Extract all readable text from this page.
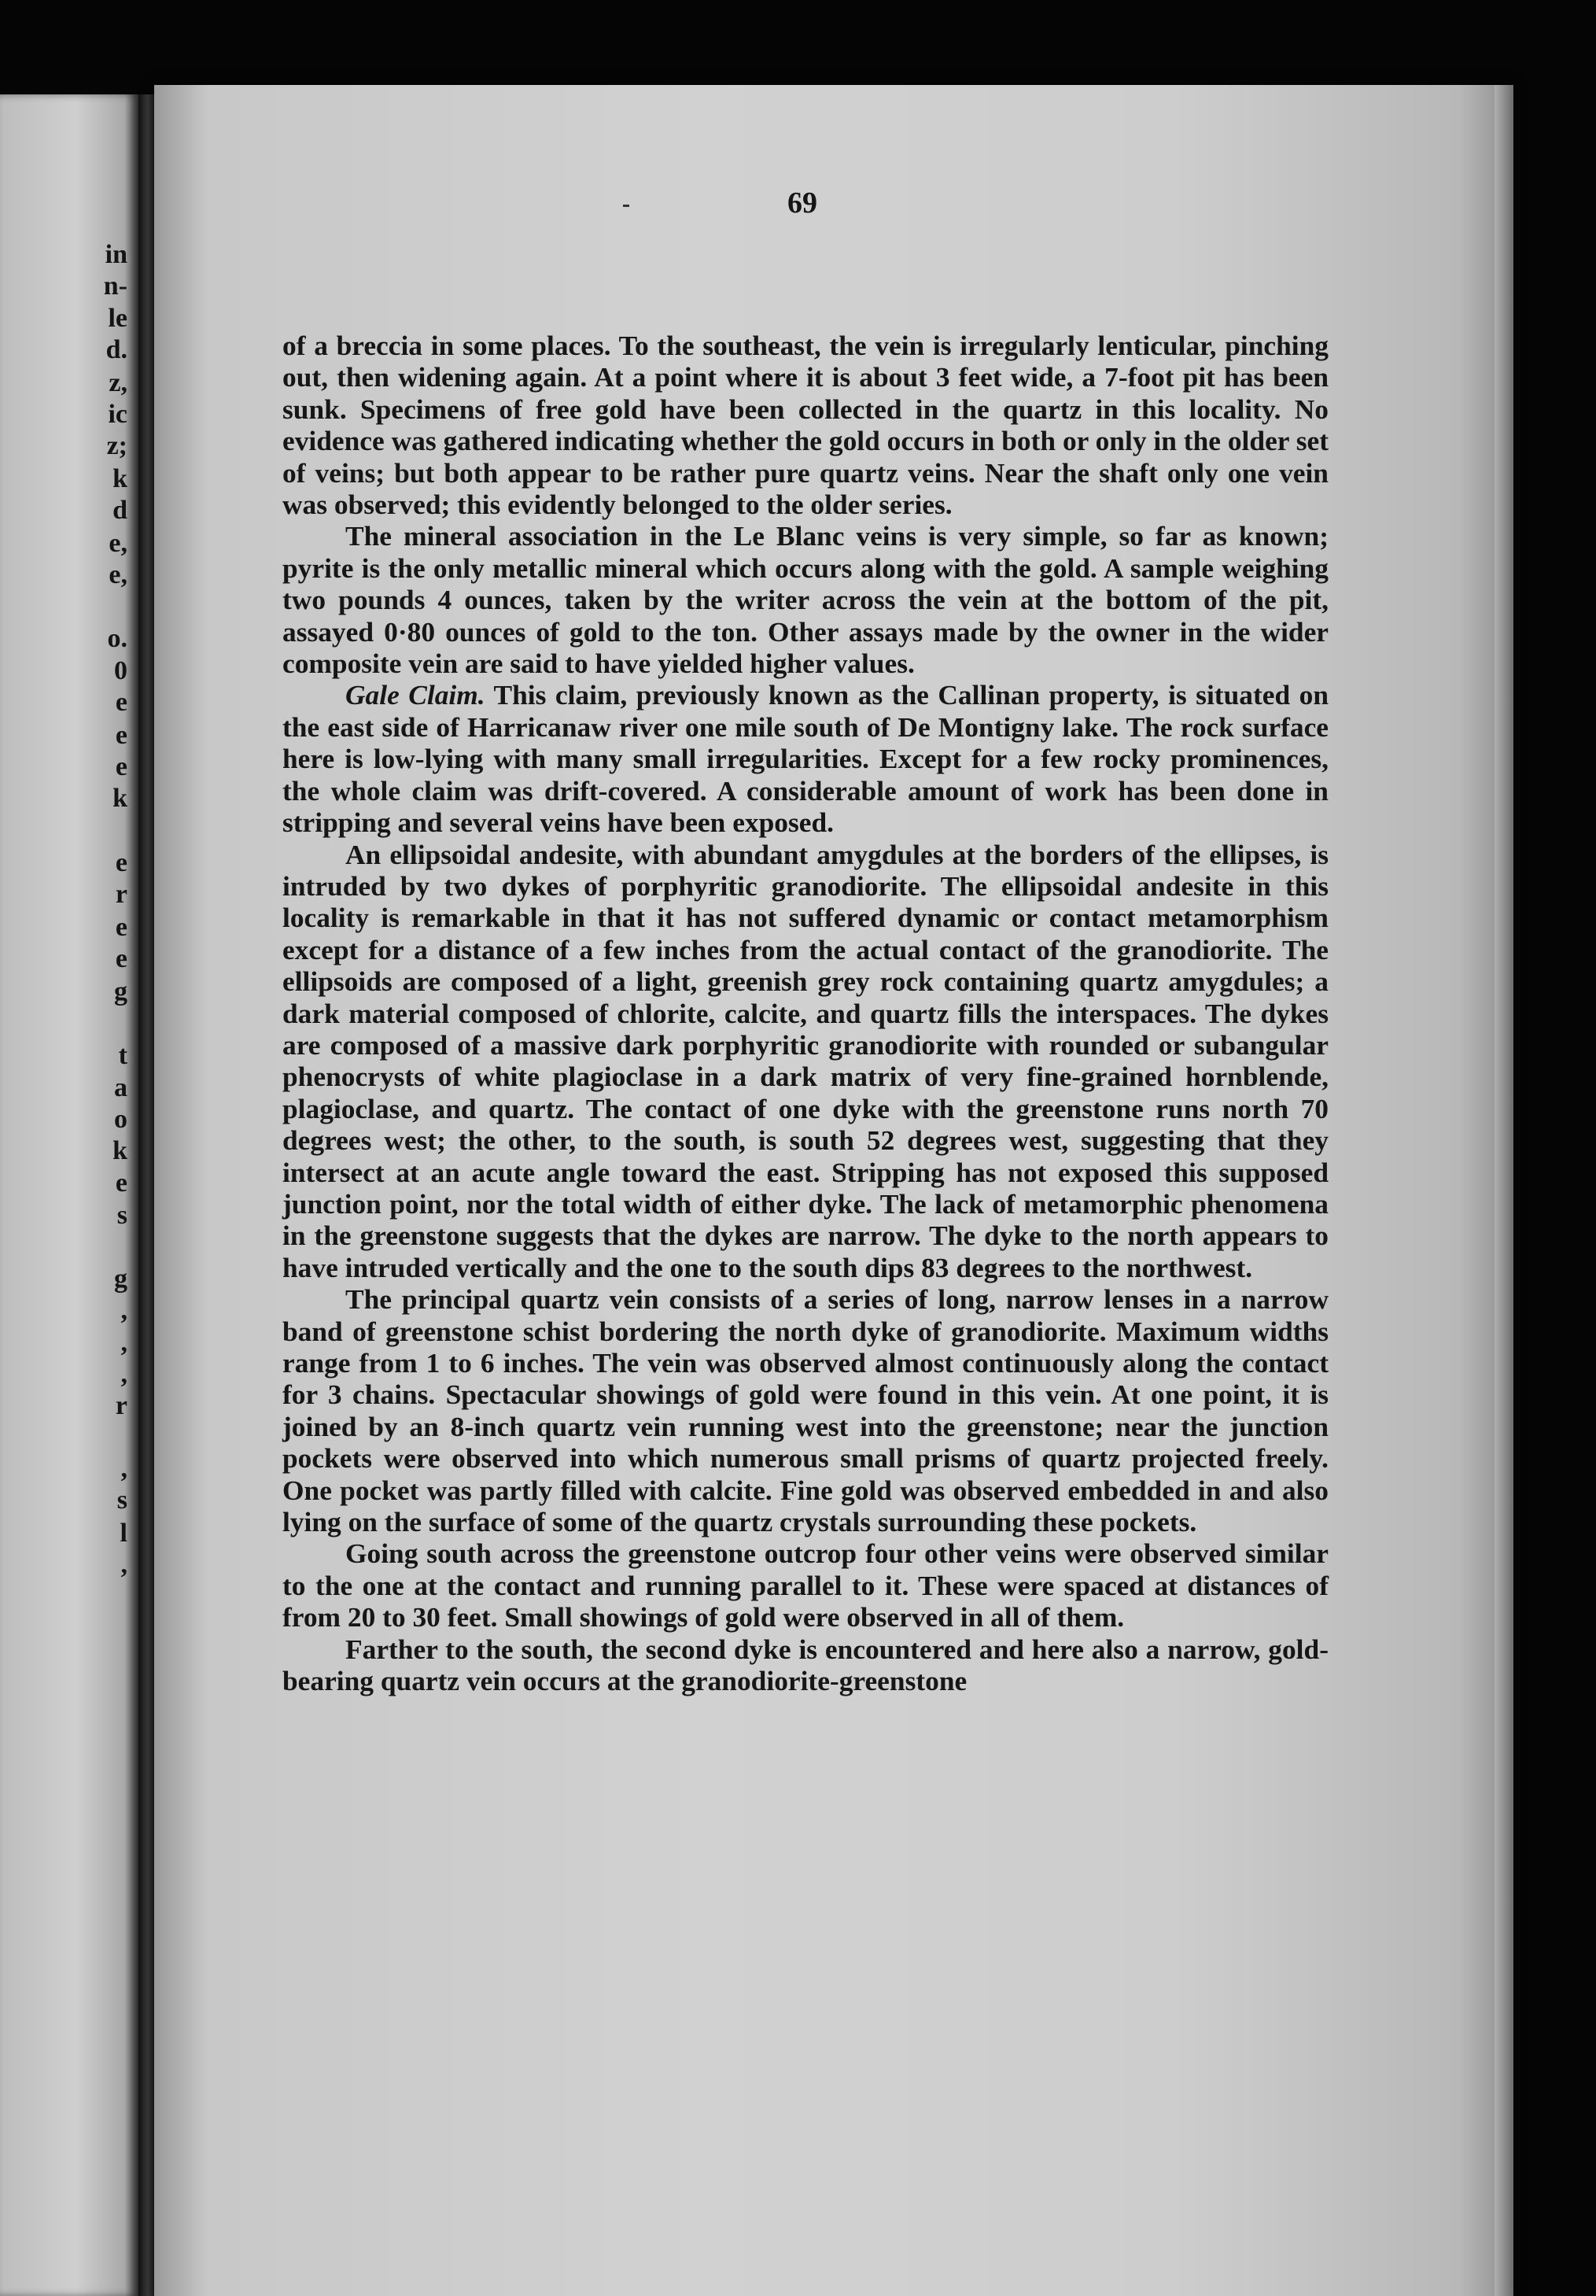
in
n-
le
d.
z,
ic
z;
k
d
e,
e,
o.
0
e
e
e
k
e
r
e
e
g
t
a
o
k
e
s
g
,
,
,
r
,
s
l
,
69

of a breccia in some places. To the southeast, the vein is irregularly lenticular, pinching out, then widening again. At a point where it is about 3 feet wide, a 7-foot pit has been sunk. Specimens of free gold have been collected in the quartz in this locality. No evidence was gathered indicating whether the gold occurs in both or only in the older set of veins; but both appear to be rather pure quartz veins. Near the shaft only one vein was observed; this evidently belonged to the older series.

The mineral association in the Le Blanc veins is very simple, so far as known; pyrite is the only metallic mineral which occurs along with the gold. A sample weighing two pounds 4 ounces, taken by the writer across the vein at the bottom of the pit, assayed 0·80 ounces of gold to the ton. Other assays made by the owner in the wider composite vein are said to have yielded higher values.

Gale Claim. This claim, previously known as the Callinan property, is situated on the east side of Harricanaw river one mile south of De Montigny lake. The rock surface here is low-lying with many small irregularities. Except for a few rocky prominences, the whole claim was drift-covered. A considerable amount of work has been done in stripping and several veins have been exposed.

An ellipsoidal andesite, with abundant amygdules at the borders of the ellipses, is intruded by two dykes of porphyritic granodiorite. The ellipsoidal andesite in this locality is remarkable in that it has not suffered dynamic or contact metamorphism except for a distance of a few inches from the actual contact of the granodiorite. The ellipsoids are composed of a light, greenish grey rock containing quartz amygdules; a dark material composed of chlorite, calcite, and quartz fills the interspaces. The dykes are composed of a massive dark porphyritic granodiorite with rounded or subangular phenocrysts of white plagioclase in a dark matrix of very fine-grained hornblende, plagioclase, and quartz. The contact of one dyke with the greenstone runs north 70 degrees west; the other, to the south, is south 52 degrees west, suggesting that they intersect at an acute angle toward the east. Stripping has not exposed this supposed junction point, nor the total width of either dyke. The lack of metamorphic phenomena in the greenstone suggests that the dykes are narrow. The dyke to the north appears to have intruded vertically and the one to the south dips 83 degrees to the northwest.

The principal quartz vein consists of a series of long, narrow lenses in a narrow band of greenstone schist bordering the north dyke of granodiorite. Maximum widths range from 1 to 6 inches. The vein was observed almost continuously along the contact for 3 chains. Spectacular showings of gold were found in this vein. At one point, it is joined by an 8-inch quartz vein running west into the greenstone; near the junction pockets were observed into which numerous small prisms of quartz projected freely. One pocket was partly filled with calcite. Fine gold was observed embedded in and also lying on the surface of some of the quartz crystals surrounding these pockets.

Going south across the greenstone outcrop four other veins were observed similar to the one at the contact and running parallel to it. These were spaced at distances of from 20 to 30 feet. Small showings of gold were observed in all of them.

Farther to the south, the second dyke is encountered and here also a narrow, gold-bearing quartz vein occurs at the granodiorite-greenstone
